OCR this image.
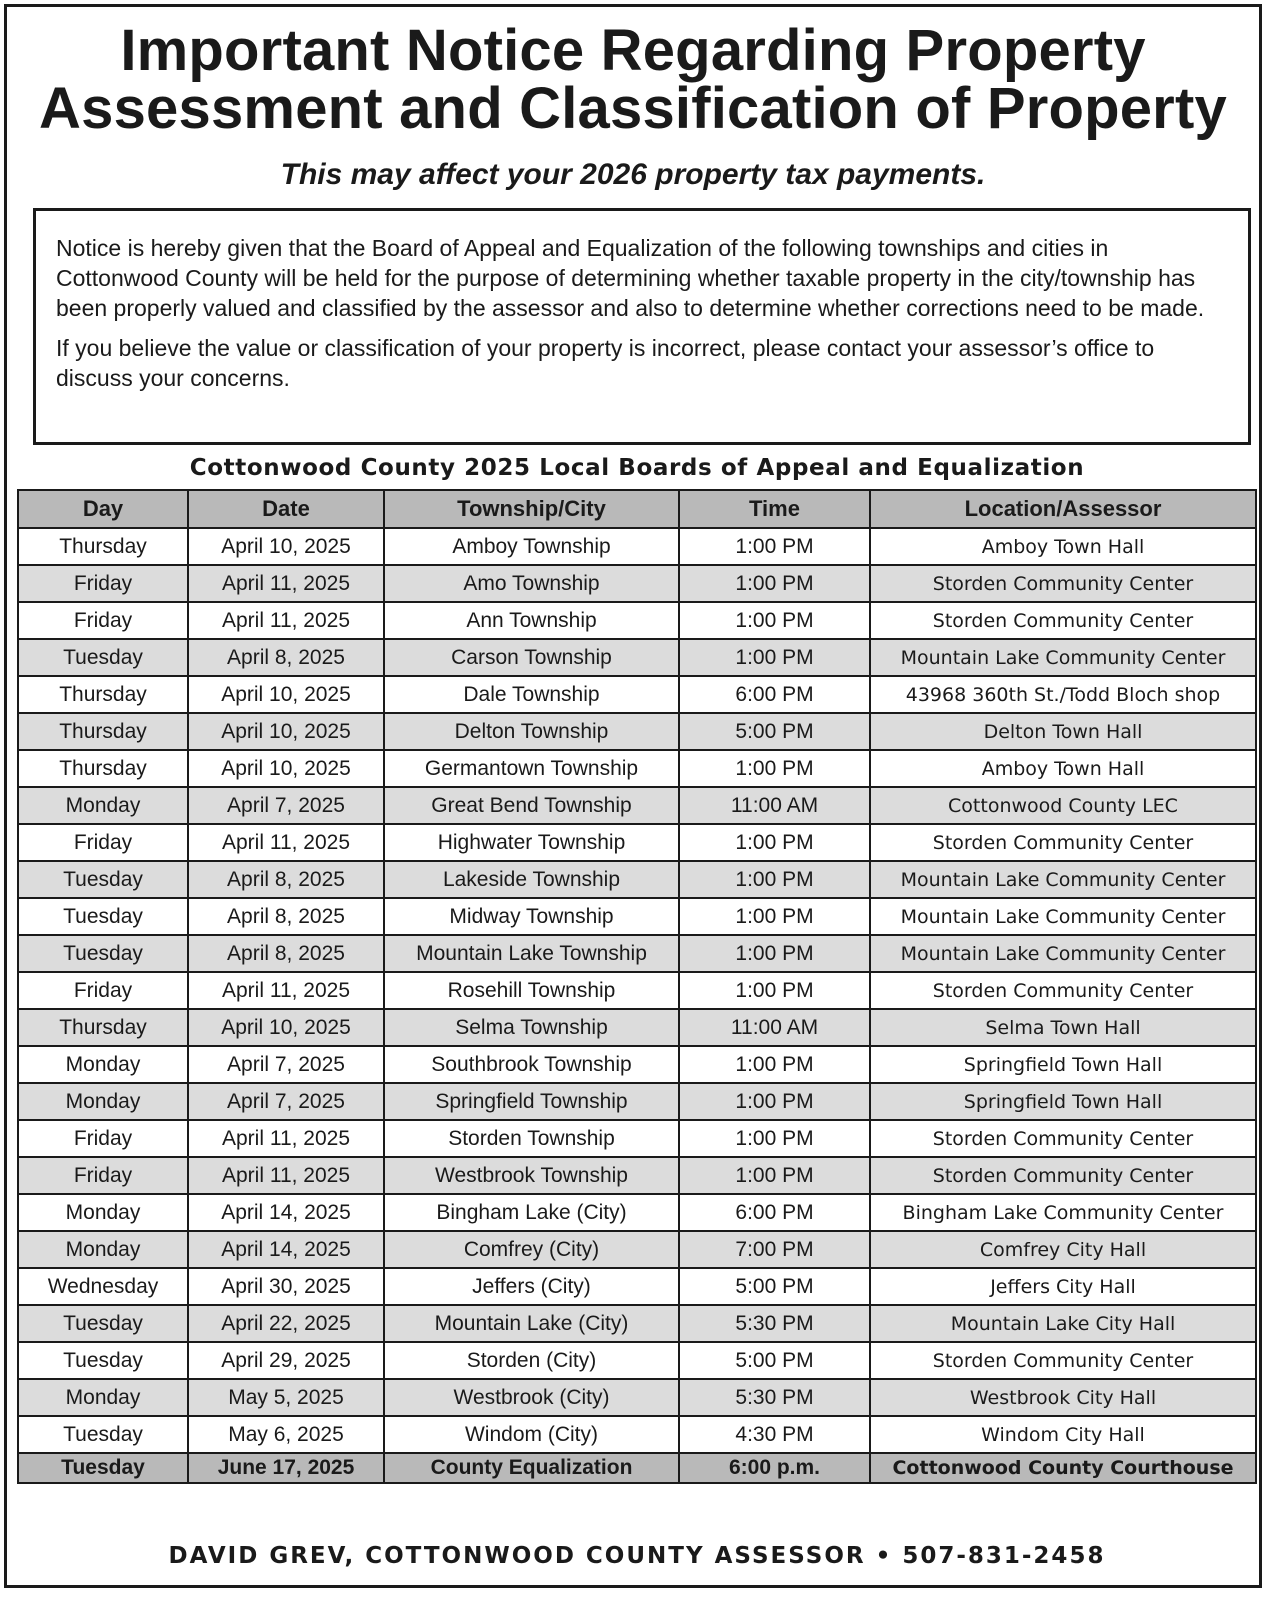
Important Notice Regarding Property
Assessment and Classification of Property
This may affect your 2026 property tax payments.

Notice is hereby given that the Board of Appeal and Equalization of the following townships and cities in Cottonwood County will be held for the purpose of determining whether taxable property in the city/township has been properly valued and classified by the assessor and also to determine whether corrections need to be made.

If you believe the value or classification of your property is incorrect, please contact your assessor’s office to discuss your concerns.

Cottonwood County 2025 Local Boards of Appeal and Equalization
Day	Date	Township/City	Time	Location/Assessor
Thursday	April 10, 2025	Amboy Township	1:00 PM	Amboy Town Hall
Friday	April 11, 2025	Amo Township	1:00 PM	Storden Community Center
Friday	April 11, 2025	Ann Township	1:00 PM	Storden Community Center
Tuesday	April 8, 2025	Carson Township	1:00 PM	Mountain Lake Community Center
Thursday	April 10, 2025	Dale Township	6:00 PM	43968 360th St./Todd Bloch shop
Thursday	April 10, 2025	Delton Township	5:00 PM	Delton Town Hall
Thursday	April 10, 2025	Germantown Township	1:00 PM	Amboy Town Hall
Monday	April 7, 2025	Great Bend Township	11:00 AM	Cottonwood County LEC
Friday	April 11, 2025	Highwater Township	1:00 PM	Storden Community Center
Tuesday	April 8, 2025	Lakeside Township	1:00 PM	Mountain Lake Community Center
Tuesday	April 8, 2025	Midway Township	1:00 PM	Mountain Lake Community Center
Tuesday	April 8, 2025	Mountain Lake Township	1:00 PM	Mountain Lake Community Center
Friday	April 11, 2025	Rosehill Township	1:00 PM	Storden Community Center
Thursday	April 10, 2025	Selma Township	11:00 AM	Selma Town Hall
Monday	April 7, 2025	Southbrook Township	1:00 PM	Springfield Town Hall
Monday	April 7, 2025	Springfield Township	1:00 PM	Springfield Town Hall
Friday	April 11, 2025	Storden Township	1:00 PM	Storden Community Center
Friday	April 11, 2025	Westbrook Township	1:00 PM	Storden Community Center
Monday	April 14, 2025	Bingham Lake (City)	6:00 PM	Bingham Lake Community Center
Monday	April 14, 2025	Comfrey (City)	7:00 PM	Comfrey City Hall
Wednesday	April 30, 2025	Jeffers (City)	5:00 PM	Jeffers City Hall
Tuesday	April 22, 2025	Mountain Lake (City)	5:30 PM	Mountain Lake City Hall
Tuesday	April 29, 2025	Storden (City)	5:00 PM	Storden Community Center
Monday	May 5, 2025	Westbrook (City)	5:30 PM	Westbrook City Hall
Tuesday	May 6, 2025	Windom (City)	4:30 PM	Windom City Hall
Tuesday	June 17, 2025	County Equalization	6:00 p.m.	Cottonwood County Courthouse
DAVID GREV, COTTONWOOD COUNTY ASSESSOR • 507-831-2458
